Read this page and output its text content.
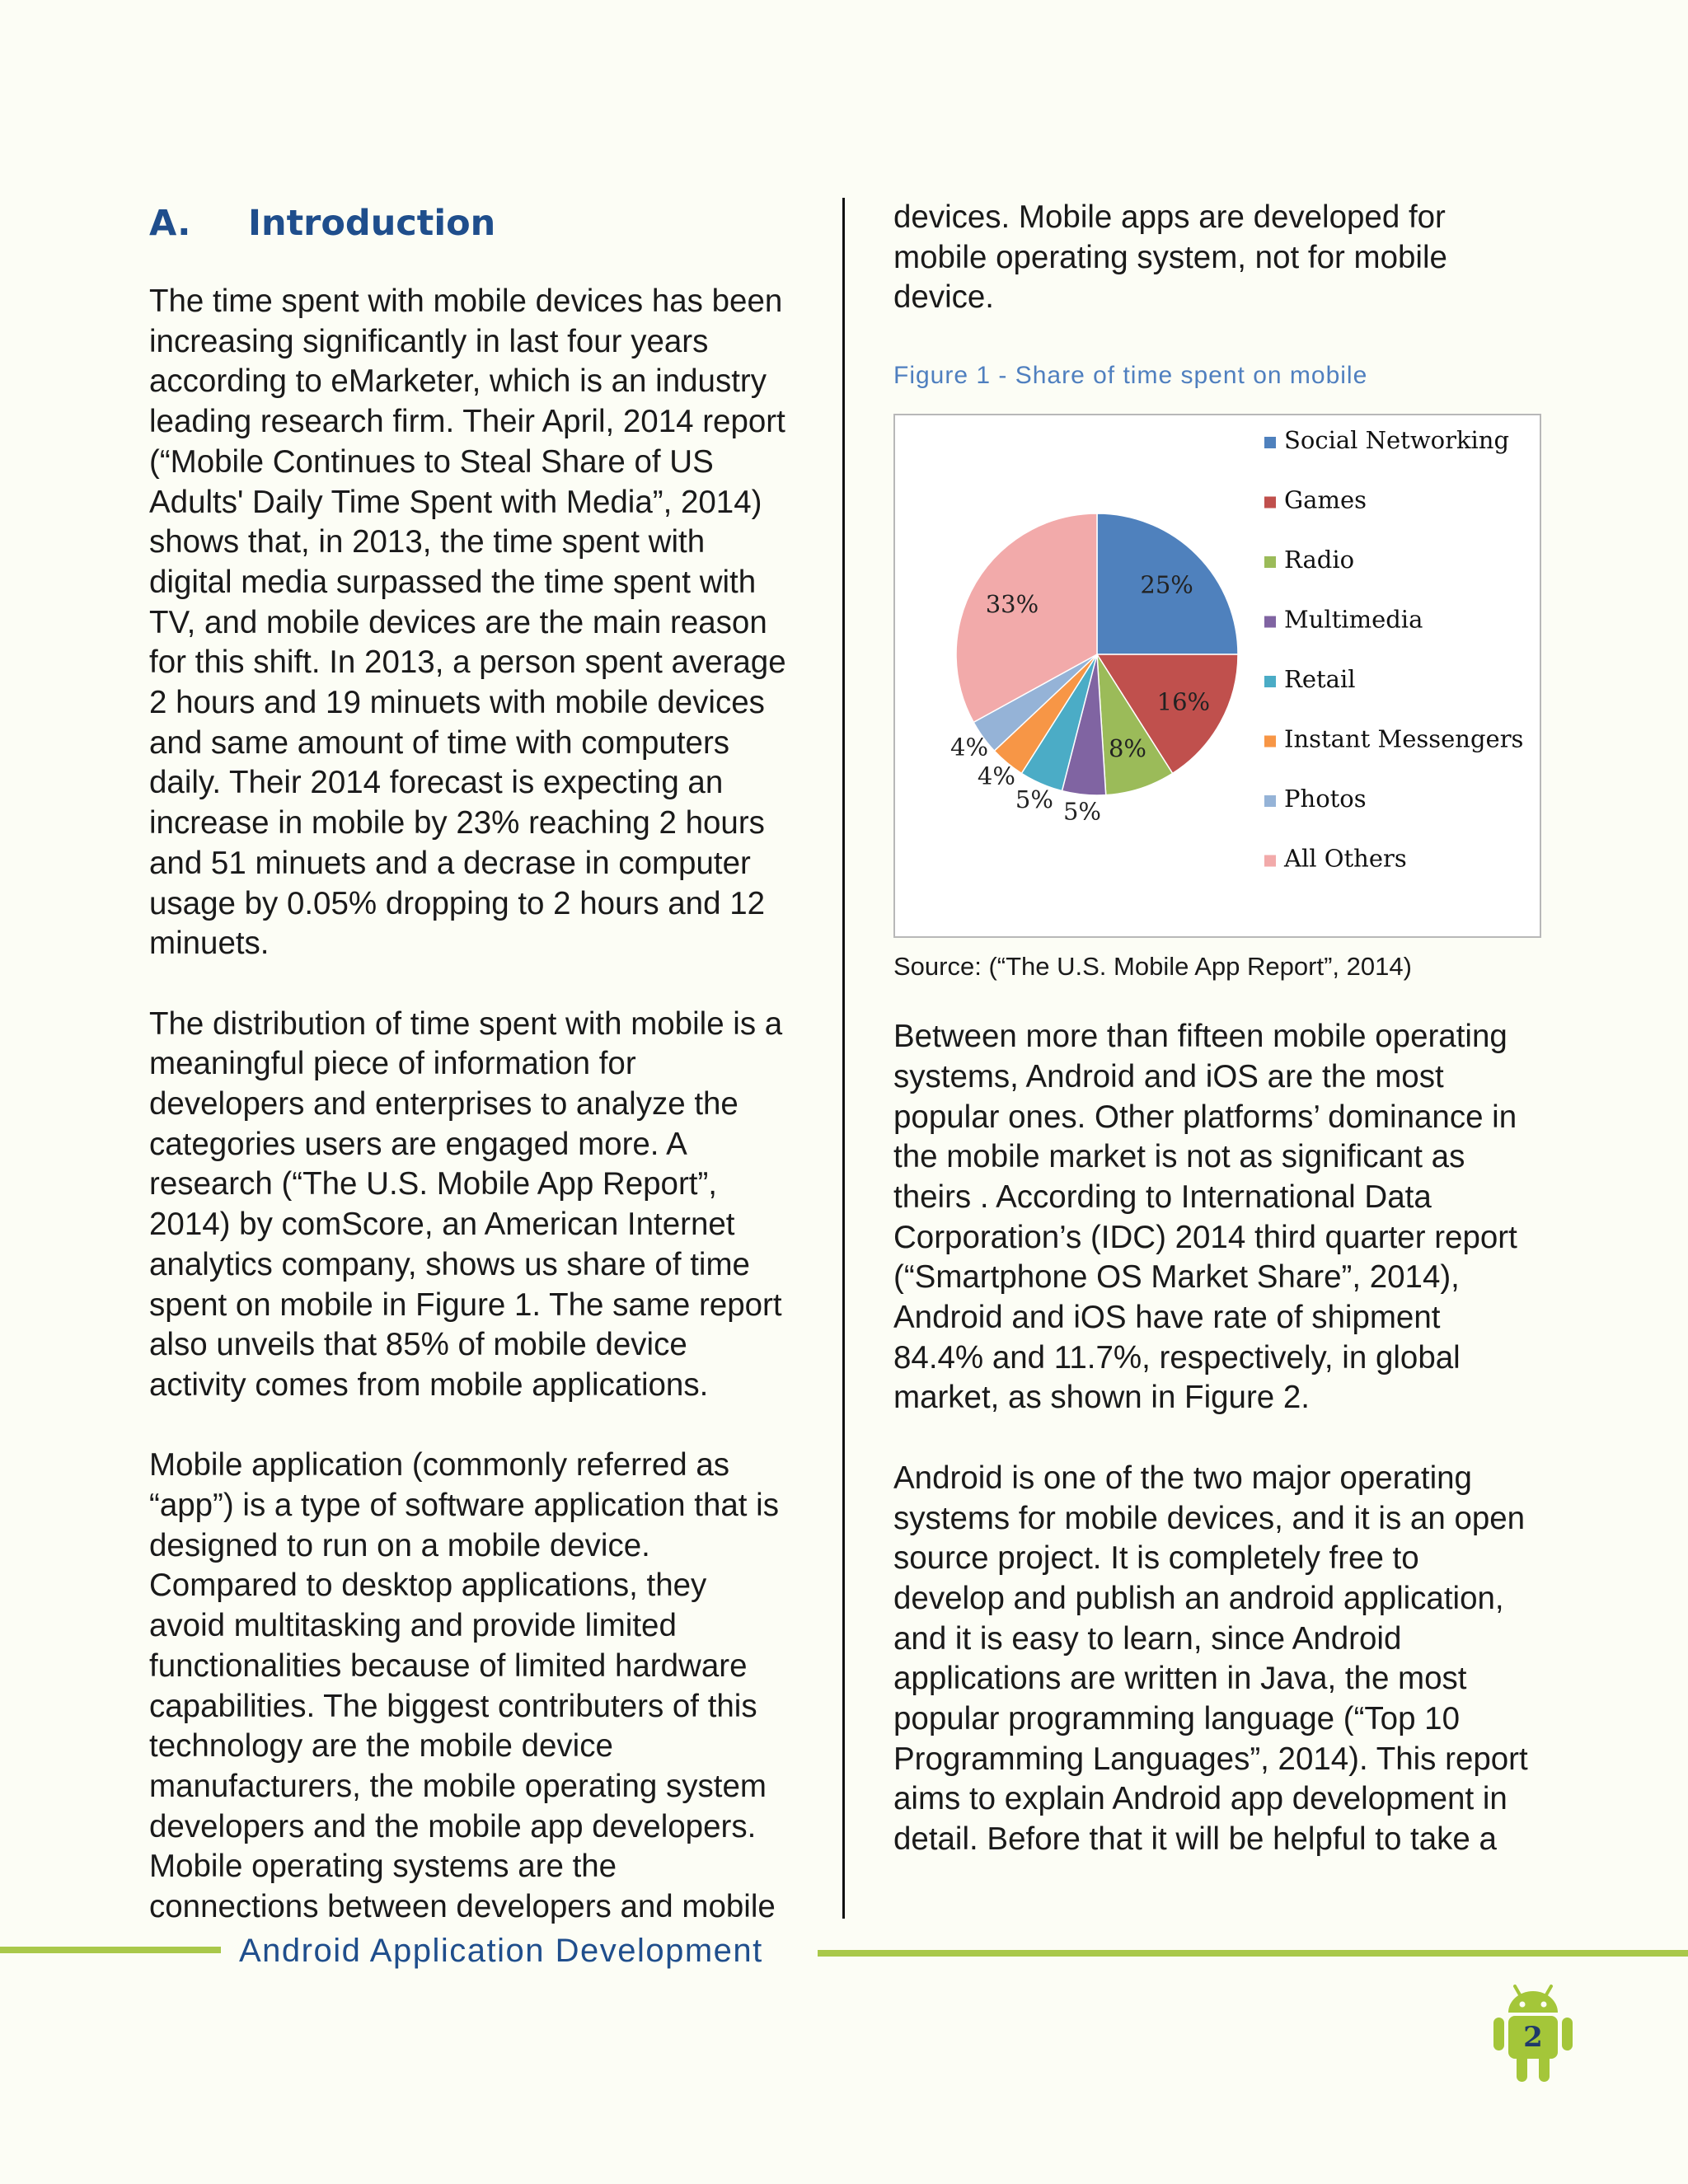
A.	Introduction

The time spent with mobile devices has been
increasing significantly in last four years
according to eMarketer, which is an industry
leading research firm. Their April, 2014 report
(“Mobile Continues to Steal Share of US
Adults' Daily Time Spent with Media”, 2014)
shows that, in 2013, the time spent with
digital media surpassed the time spent with
TV, and mobile devices are the main reason
for this shift. In 2013, a person spent average
2 hours and 19 minuets with mobile devices
and same amount of time with computers
daily. Their 2014 forecast is expecting an
increase in mobile by 23% reaching 2 hours
and 51 minuets and a decrase in computer
usage by 0.05% dropping to 2 hours and 12
minuets.

The distribution of time spent with mobile is a
meaningful piece of information for
developers and enterprises to analyze the
categories users are engaged more. A
research (“The U.S. Mobile App Report”,
2014) by comScore, an American Internet
analytics company, shows us share of time
spent on mobile in Figure 1. The same report
also unveils that 85% of mobile device
activity comes from mobile applications.

Mobile application (commonly referred as
“app”) is a type of software application that is
designed to run on a mobile device.
Compared to desktop applications, they
avoid multitasking and provide limited
functionalities because of limited hardware
capabilities. The biggest contributers of this
technology are the mobile device
manufacturers, the mobile operating system
developers and the mobile app developers.
Mobile operating systems are the
connections between developers and mobile

devices. Mobile apps are developed for
mobile operating system, not for mobile
device.

Figure 1 - Share of time spent on mobile
25%
16%
8%
5%
5%
4%
4%
33%
Social Networking
Games
Radio
Multimedia
Retail
Instant Messengers
Photos
All Others
Source: (“The U.S. Mobile App Report”, 2014)

Between more than fifteen mobile operating
systems, Android and iOS are the most
popular ones. Other platforms’ dominance in
the mobile market is not as significant as
theirs . According to International Data
Corporation’s (IDC) 2014 third quarter report
(“Smartphone OS Market Share”, 2014),
Android and iOS have rate of shipment
84.4% and 11.7%, respectively, in global
market, as shown in Figure 2.

Android is one of the two major operating
systems for mobile devices, and it is an open
source project. It is completely free to
develop and publish an android application,
and it is easy to learn, since Android
applications are written in Java, the most
popular programming language (“Top 10
Programming Languages”, 2014). This report
aims to explain Android app development in
detail. Before that it will be helpful to take a

Android Application Development
2
